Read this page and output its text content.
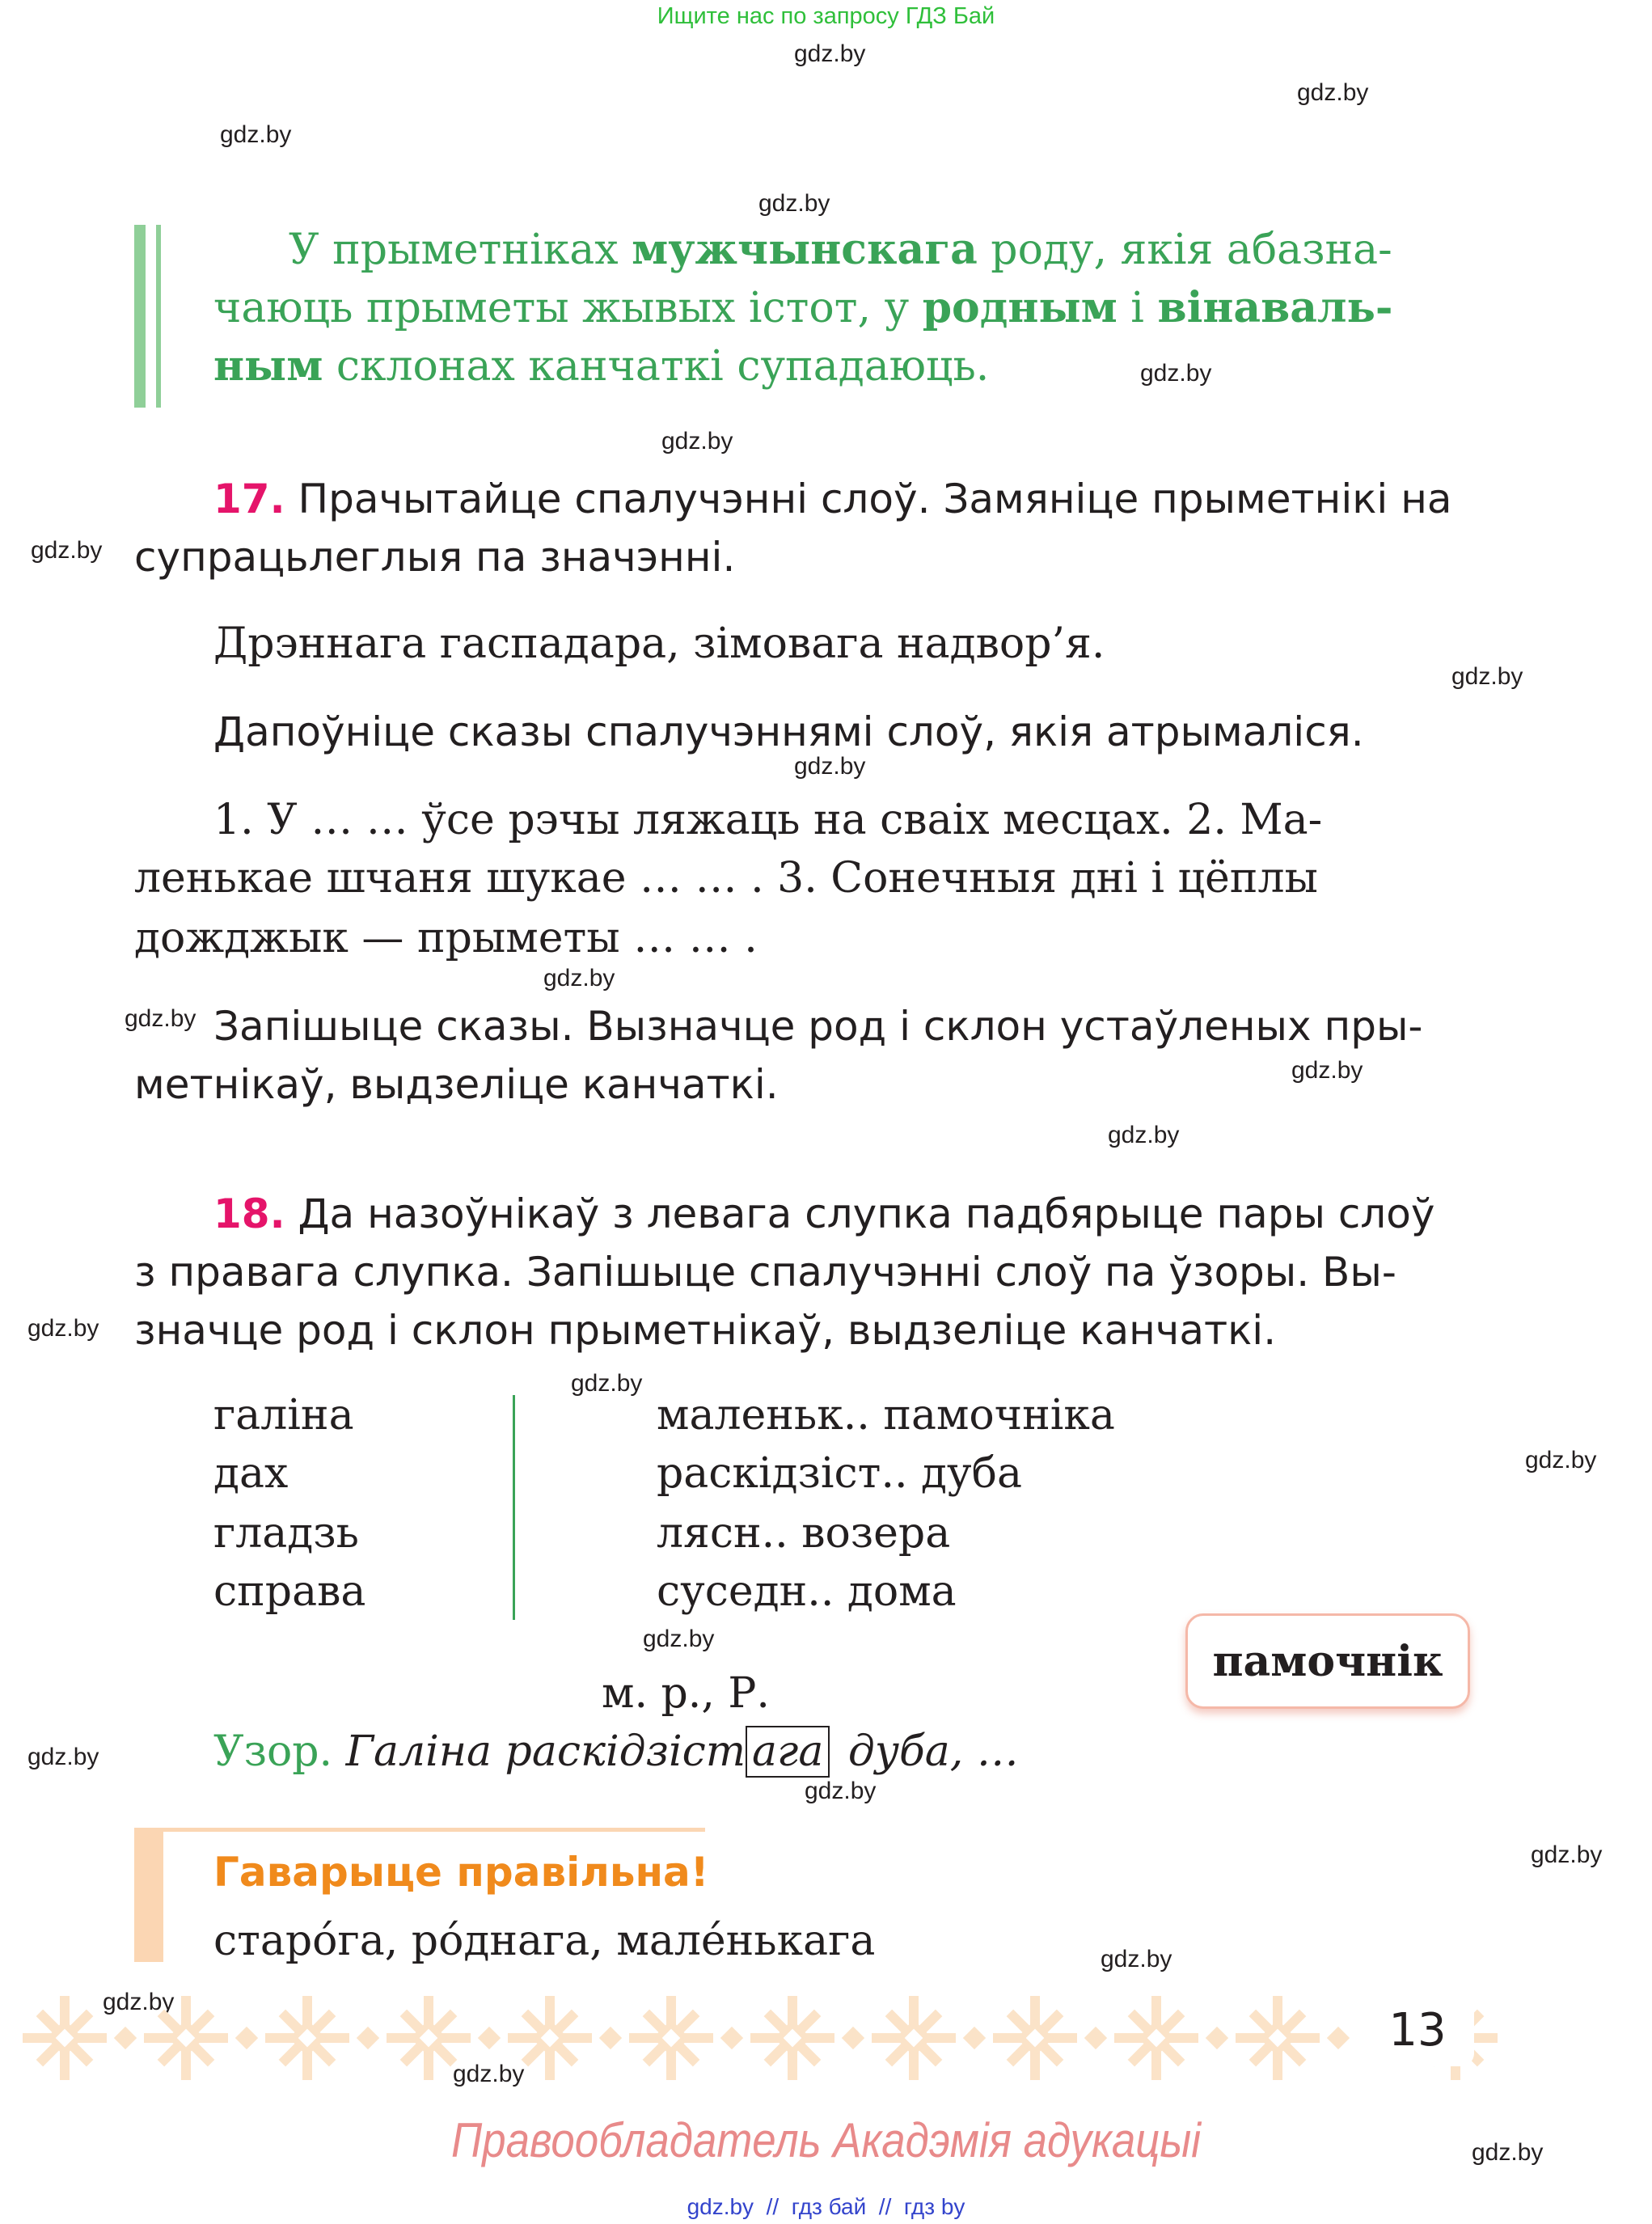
Ищите нас по запросу ГДЗ Бай
gdz.by
gdz.by
gdz.by
gdz.by
gdz.by
gdz.by
gdz.by
gdz.by
gdz.by
gdz.by
gdz.by
gdz.by
gdz.by
gdz.by
gdz.by
gdz.by
gdz.by
gdz.by
gdz.by
gdz.by
gdz.by
gdz.by
gdz.by
gdz.by
У прыметніках мужчынскага роду, якія абазна-
чаюць прыметы жывых істот, у родным і вінаваль-
ным склонах канчаткі супадаюць.
17. Прачытайце спалучэнні слоў. Замяніце прыметнікі на
супрацьлеглыя па значэнні.
Дрэннага гаспадара, зімовага надвор’я.
Дапоўніце сказы спалучэннямі слоў, якія атрымаліся.
1. У … … ўсе рэчы ляжаць на сваіх месцах. 2. Ма-
ленькае шчаня шукае … … . 3. Сонечныя дні і цёплы
дожджык — прыметы … … .
Запішыце сказы. Вызначце род і склон устаўленых пры-
метнікаў, выдзеліце канчаткі.
18. Да назоўнікаў з левага слупка падбярыце пары слоў
з правага слупка. Запішыце спалучэнні слоў па ўзоры. Вы-
значце род і склон прыметнікаў, выдзеліце канчаткі.
галіна
дах
гладзь
справа
маленьк.. памочніка
раскідзіст.. дуба
лясн.. возера
суседн.. дома
памочнік
м. р., Р.
Узор. Галіна раскідзіст ага дуба, …
Гаварыце правільна!
старо́га, ро́днага, мале́нькага
13
Правообладатель Акадэмія адукацыі
gdz.by  //  гдз бай  //  гдз by
